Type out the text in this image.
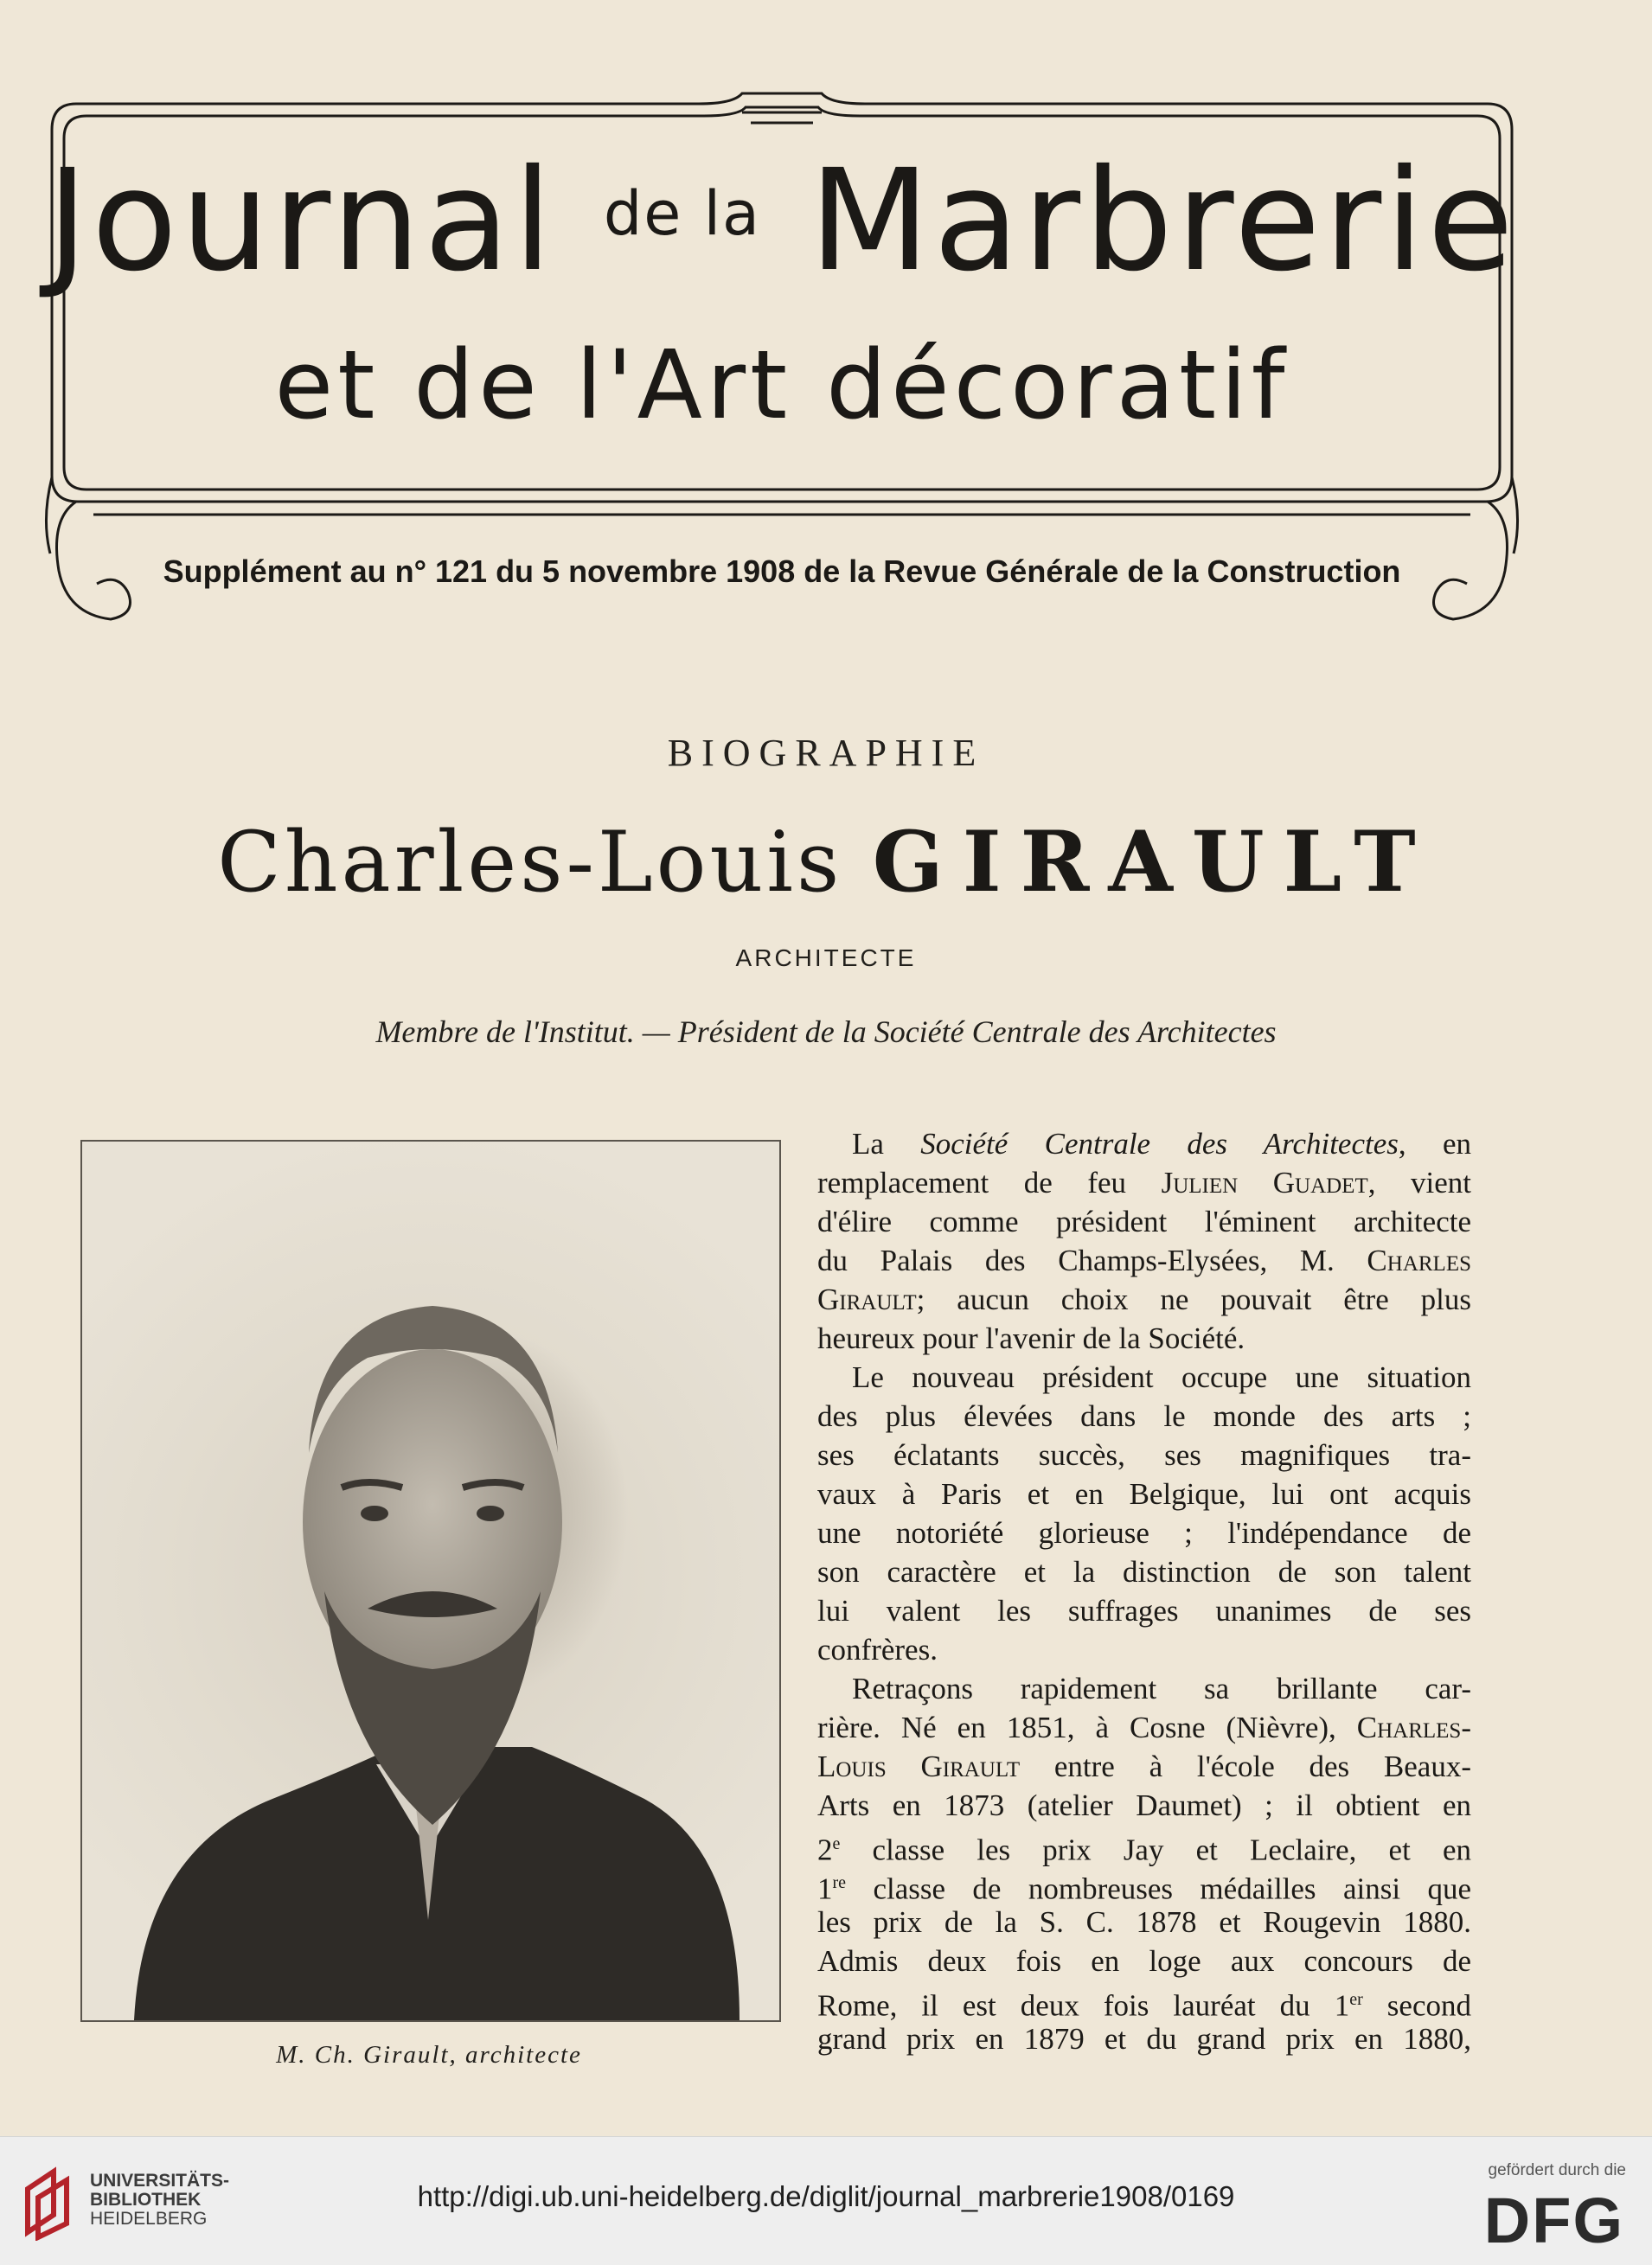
Journal $^{de la}$ Marbrerie
et de l'Art décoratif
Supplément au n° 121 du 5 novembre 1908 de la Revue Générale de la Construction
BIOGRAPHIE
Charles-Louis GIRAULT
ARCHITECTE
Membre de l'Institut. — Président de la Société Centrale des Architectes
M. Ch. Girault, architecte
La Société Centrale des Architectes, en
remplacement de feu Julien Guadet, vient
d'élire comme président l'éminent architecte
du Palais des Champs-Elysées, M. Charles
Girault; aucun choix ne pouvait être plus
heureux pour l'avenir de la Société.
Le nouveau président occupe une situation
des plus élevées dans le monde des arts ;
ses éclatants succès, ses magnifiques tra-
vaux à Paris et en Belgique, lui ont acquis
une notoriété glorieuse ; l'indépendance de
son caractère et la distinction de son talent
lui valent les suffrages unanimes de ses
confrères.
Retraçons rapidement sa brillante car-
rière. Né en 1851, à Cosne (Nièvre), Charles-
Louis Girault entre à l'école des Beaux-
Arts en 1873 (atelier Daumet) ; il obtient en
2e classe les prix Jay et Leclaire, et en
1re classe de nombreuses médailles ainsi que
les prix de la S. C. 1878 et Rougevin 1880.
Admis deux fois en loge aux concours de
Rome, il est deux fois lauréat du 1er second
grand prix en 1879 et du grand prix en 1880,
UNIVERSITÄTS-
BIBLIOTHEK
HEIDELBERG
http://digi.ub.uni-heidelberg.de/diglit/journal_marbrerie1908/0169
gefördert durch die
DFG
